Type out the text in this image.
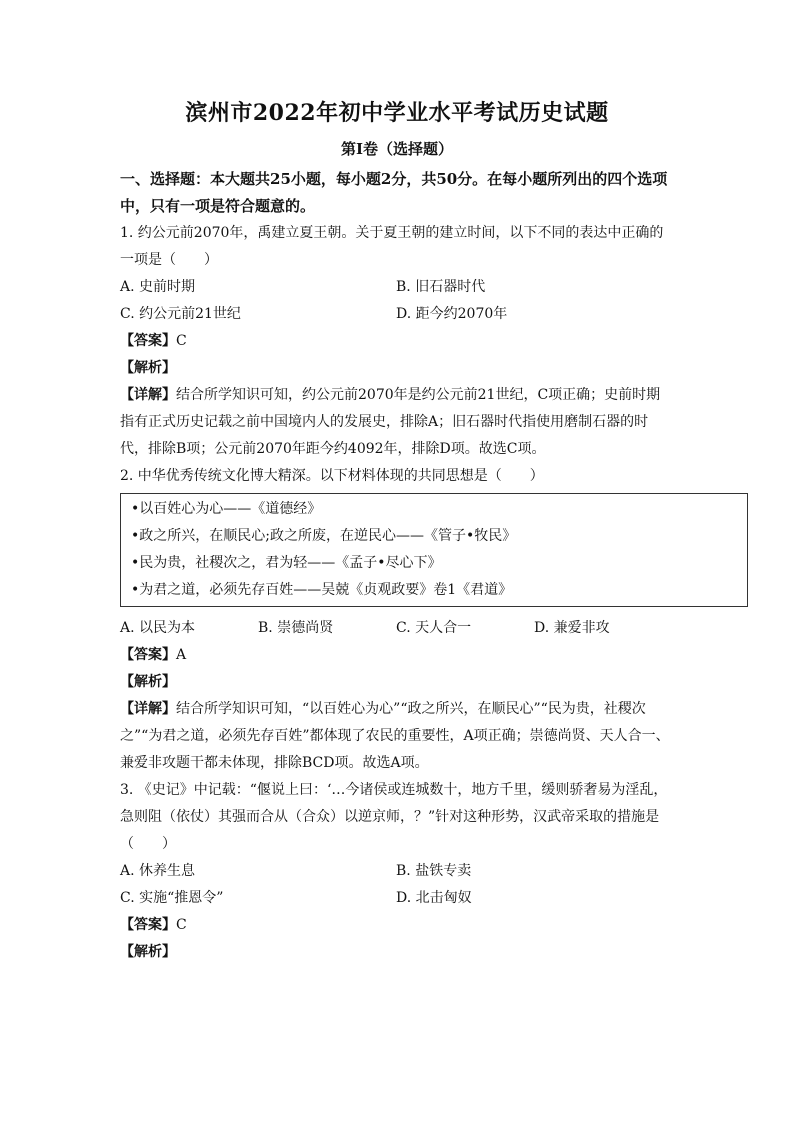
滨州市2022年初中学业水平考试历史试题
第Ⅰ卷（选择题）

一、选择题：本大题共25小题，每小题2分，共50分。在每小题所列出的四个选项中，只有一项是符合题意的。

1. 约公元前2070年，禹建立夏王朝。关于夏王朝的建立时间，以下不同的表达中正确的一项是（　　）

A. 史前时期	B. 旧石器时代
C. 约公元前21世纪	D. 距今约2070年

【答案】C

【解析】

【详解】结合所学知识可知，约公元前2070年是约公元前21世纪，C项正确；史前时期指有正式历史记载之前中国境内人的发展史，排除A；旧石器时代指使用磨制石器的时代，排除B项；公元前2070年距今约4092年，排除D项。故选C项。

2. 中华优秀传统文化博大精深。以下材料体现的共同思想是（　　）

•以百姓心为心——《道德经》
•政之所兴，在顺民心;政之所废，在逆民心——《管子•牧民》
•民为贵，社稷次之，君为轻——《孟子•尽心下》
•为君之道，必须先存百姓——吴兢《贞观政要》卷1《君道》
A. 以民为本	B. 崇德尚贤	C. 天人合一	D. 兼爱非攻

【答案】A

【解析】

【详解】结合所学知识可知，“以百姓心为心”“政之所兴，在顺民心”“民为贵，社稷次之”“为君之道，必须先存百姓”都体现了农民的重要性，A项正确；崇德尚贤、天人合一、兼爱非攻题干都未体现，排除BCD项。故选A项。

3. 《史记》中记载：“偃说上曰：‘…今诸侯或连城数十，地方千里，缓则骄奢易为淫乱，急则阻（依仗）其强而合从（合众）以逆京师，？”针对这种形势，汉武帝采取的措施是（　　）

A. 休养生息	B. 盐铁专卖
C. 实施“推恩令”	D. 北击匈奴

【答案】C

【解析】
